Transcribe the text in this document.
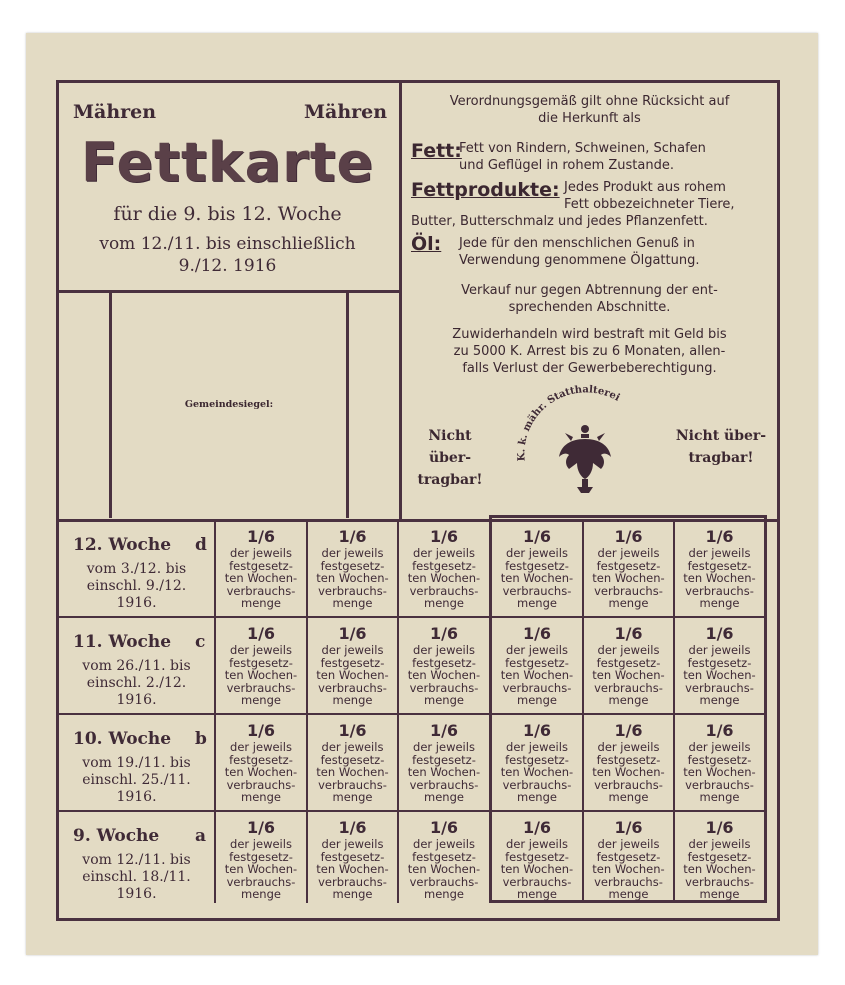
Mähren	Mähren
Fettkarte
für die 9. bis 12. Woche
vom 12./11. bis einschließlich
9./12. 1916
Gemeindesiegel:
Verordnungsgemäß gilt ohne Rücksicht auf
die Herkunft als
Fett:
Fett von Rindern, Schweinen, Schafen
und Geflügel in rohem Zustande.
Fettprodukte: Jedes Produkt aus rohem
Fett obbezeichneter Tiere,
Butter, Butterschmalz und jedes Pflanzenfett.
Öl: Jede für den menschlichen Genuß in
Verwendung genommene Ölgattung.
Verkauf nur gegen Abtrennung der ent-
sprechenden Abschnitte.
Zuwiderhandeln wird bestraft mit Geld bis
zu 5000 K. Arrest bis zu 6 Monaten, allen-
falls Verlust der Gewerbeberechtigung.
Nicht über-
tragbar!
Nicht über-
tragbar!
K. k. mähr. Statthalterei
12. Woche d
vom 3./12. bis
einschl. 9./12.
1916.
11. Woche c
vom 26./11. bis
einschl. 2./12.
1916.
10. Woche b
vom 19./11. bis
einschl. 25./11.
1916.
9. Woche a
vom 12./11. bis
einschl. 18./11.
1916.
1/6
der jeweils
festgesetz-
ten Wochen-
verbrauchs-
menge
1/6
der jeweils
festgesetz-
ten Wochen-
verbrauchs-
menge
1/6
der jeweils
festgesetz-
ten Wochen-
verbrauchs-
menge
1/6
der jeweils
festgesetz-
ten Wochen-
verbrauchs-
menge
1/6
der jeweils
festgesetz-
ten Wochen-
verbrauchs-
menge
1/6
der jeweils
festgesetz-
ten Wochen-
verbrauchs-
menge
1/6
der jeweils
festgesetz-
ten Wochen-
verbrauchs-
menge
1/6
der jeweils
festgesetz-
ten Wochen-
verbrauchs-
menge
1/6
der jeweils
festgesetz-
ten Wochen-
verbrauchs-
menge
1/6
der jeweils
festgesetz-
ten Wochen-
verbrauchs-
menge
1/6
der jeweils
festgesetz-
ten Wochen-
verbrauchs-
menge
1/6
der jeweils
festgesetz-
ten Wochen-
verbrauchs-
menge
1/6
der jeweils
festgesetz-
ten Wochen-
verbrauchs-
menge
1/6
der jeweils
festgesetz-
ten Wochen-
verbrauchs-
menge
1/6
der jeweils
festgesetz-
ten Wochen-
verbrauchs-
menge
1/6
der jeweils
festgesetz-
ten Wochen-
verbrauchs-
menge
1/6
der jeweils
festgesetz-
ten Wochen-
verbrauchs-
menge
1/6
der jeweils
festgesetz-
ten Wochen-
verbrauchs-
menge
1/6
der jeweils
festgesetz-
ten Wochen-
verbrauchs-
menge
1/6
der jeweils
festgesetz-
ten Wochen-
verbrauchs-
menge
1/6
der jeweils
festgesetz-
ten Wochen-
verbrauchs-
menge
1/6
der jeweils
festgesetz-
ten Wochen-
verbrauchs-
menge
1/6
der jeweils
festgesetz-
ten Wochen-
verbrauchs-
menge
1/6
der jeweils
festgesetz-
ten Wochen-
verbrauchs-
menge
